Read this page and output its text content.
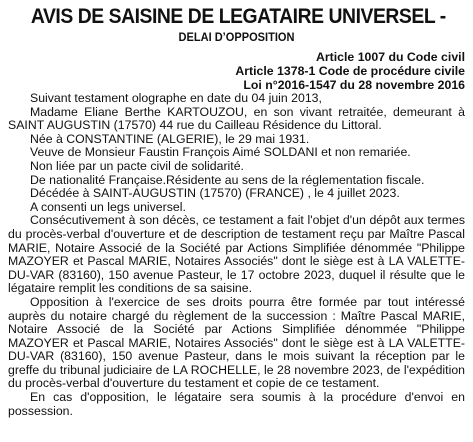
AVIS DE SAISINE DE LEGATAIRE UNIVERSEL -
DELAI D’OPPOSITION
Article 1007 du Code civil
Article 1378-1 Code de procédure civile
Loi n°2016-1547 du 28 novembre 2016

Suivant testament olographe en date du 04 juin 2013,

Madame Eliane Berthe KARTOUZOU, en son vivant retraitée, demeurant à SAINT AUGUSTIN (17570) 44 rue du Cailleau Résidence du Littoral.

Née à CONSTANTINE (ALGERIE), le 29 mai 1931.

Veuve de Monsieur Faustin François Aimé SOLDANI et non remariée.

Non liée par un pacte civil de solidarité.

De nationalité Française.Résidente au sens de la réglementation fiscale.

Décédée à SAINT-AUGUSTIN (17570) (FRANCE) , le 4 juillet 2023.

A consenti un legs universel.

Consécutivement à son décès, ce testament a fait l'objet d'un dépôt aux termes du procès-verbal d'ouverture et de description de testament reçu par Maître Pascal MARIE, Notaire Associé de la Société par Actions Simplifiée dénommée "Philippe MAZOYER et Pascal MARIE, Notaires Associés" dont le siège est à LA VALETTE-DU-VAR (83160), 150 avenue Pasteur, le 17 octobre 2023, duquel il résulte que le légataire remplit les conditions de sa saisine.

Opposition à l'exercice de ses droits pourra être formée par tout intéressé auprès du notaire chargé du règlement de la succession : Maître Pascal MARIE, Notaire Associé de la Société par Actions Simplifiée dénommée "Philippe MAZOYER et Pascal MARIE, Notaires Associés" dont le siège est à LA VALETTE-DU-VAR (83160), 150 avenue Pasteur, dans le mois suivant la réception par le greffe du tribunal judiciaire de LA ROCHELLE, le 28 novembre 2023, de l'expédition du procès-verbal d'ouverture du testament et copie de ce testament.

En cas d'opposition, le légataire sera soumis à la procédure d'envoi en possession.
